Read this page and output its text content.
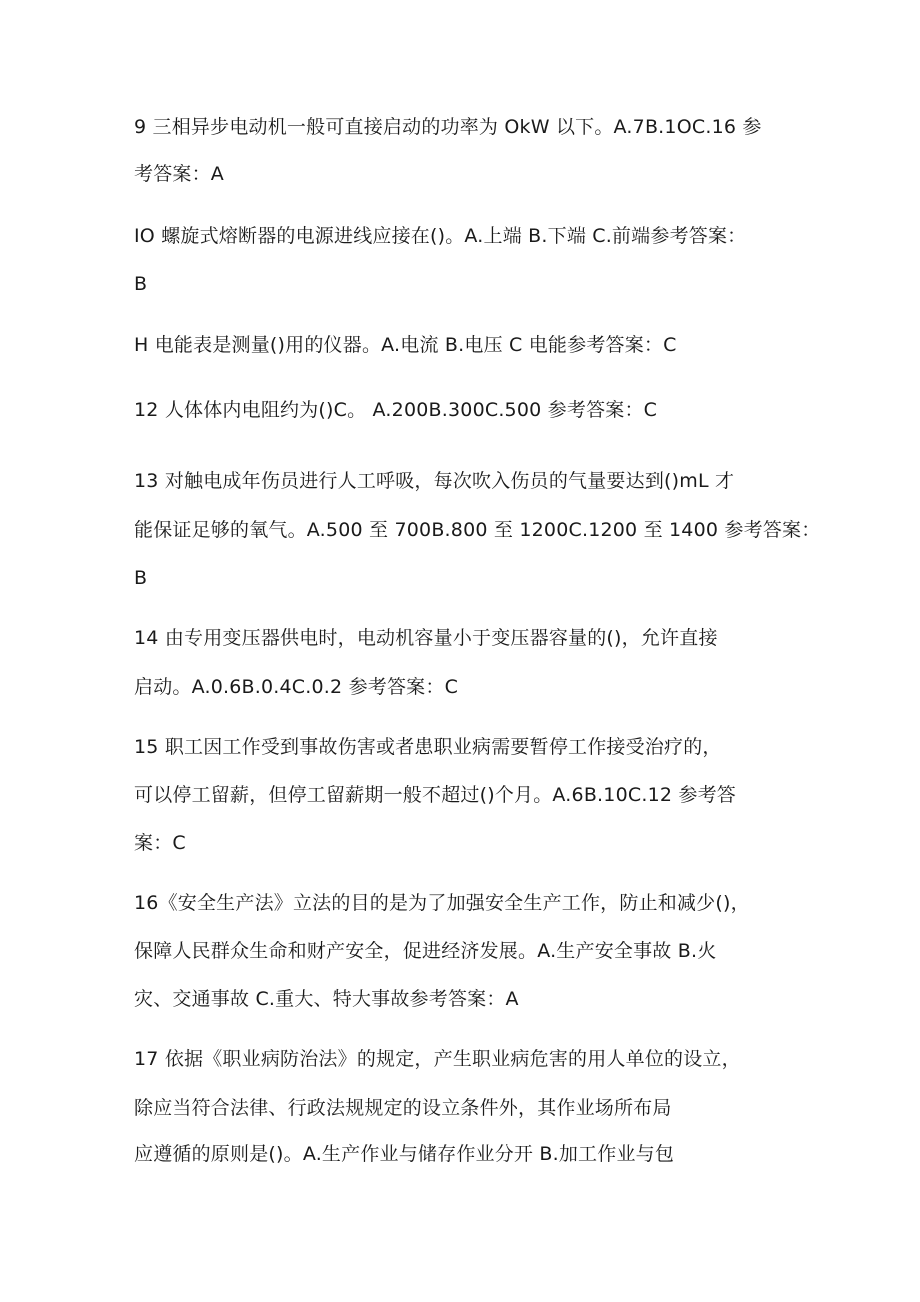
9 三相异步电动机一般可直接启动的功率为 OkW 以下。A.7B.1OC.16 参
考答案：A
IO 螺旋式熔断器的电源进线应接在()。A.上端 B.下端 C.前端参考答案：
B
H 电能表是测量()用的仪器。A.电流 B.电压 C 电能参考答案：C
12 人体体内电阻约为()C。 A.200B.300C.500 参考答案：C
13 对触电成年伤员进行人工呼吸，每次吹入伤员的气量要达到()mL 才
能保证足够的氧气。A.500 至 700B.800 至 1200C.1200 至 1400 参考答案：
B
14 由专用变压器供电时，电动机容量小于变压器容量的()，允许直接
启动。A.0.6B.0.4C.0.2 参考答案：C
15 职工因工作受到事故伤害或者患职业病需要暂停工作接受治疗的，
可以停工留薪，但停工留薪期一般不超过()个月。A.6B.10C.12 参考答
案：C
16《安全生产法》立法的目的是为了加强安全生产工作，防止和减少()，
保障人民群众生命和财产安全，促进经济发展。A.生产安全事故 B.火
灾、交通事故 C.重大、特大事故参考答案：A
17 依据《职业病防治法》的规定，产生职业病危害的用人单位的设立，
除应当符合法律、行政法规规定的设立条件外，其作业场所布局
应遵循的原则是()。A.生产作业与储存作业分开 B.加工作业与包
